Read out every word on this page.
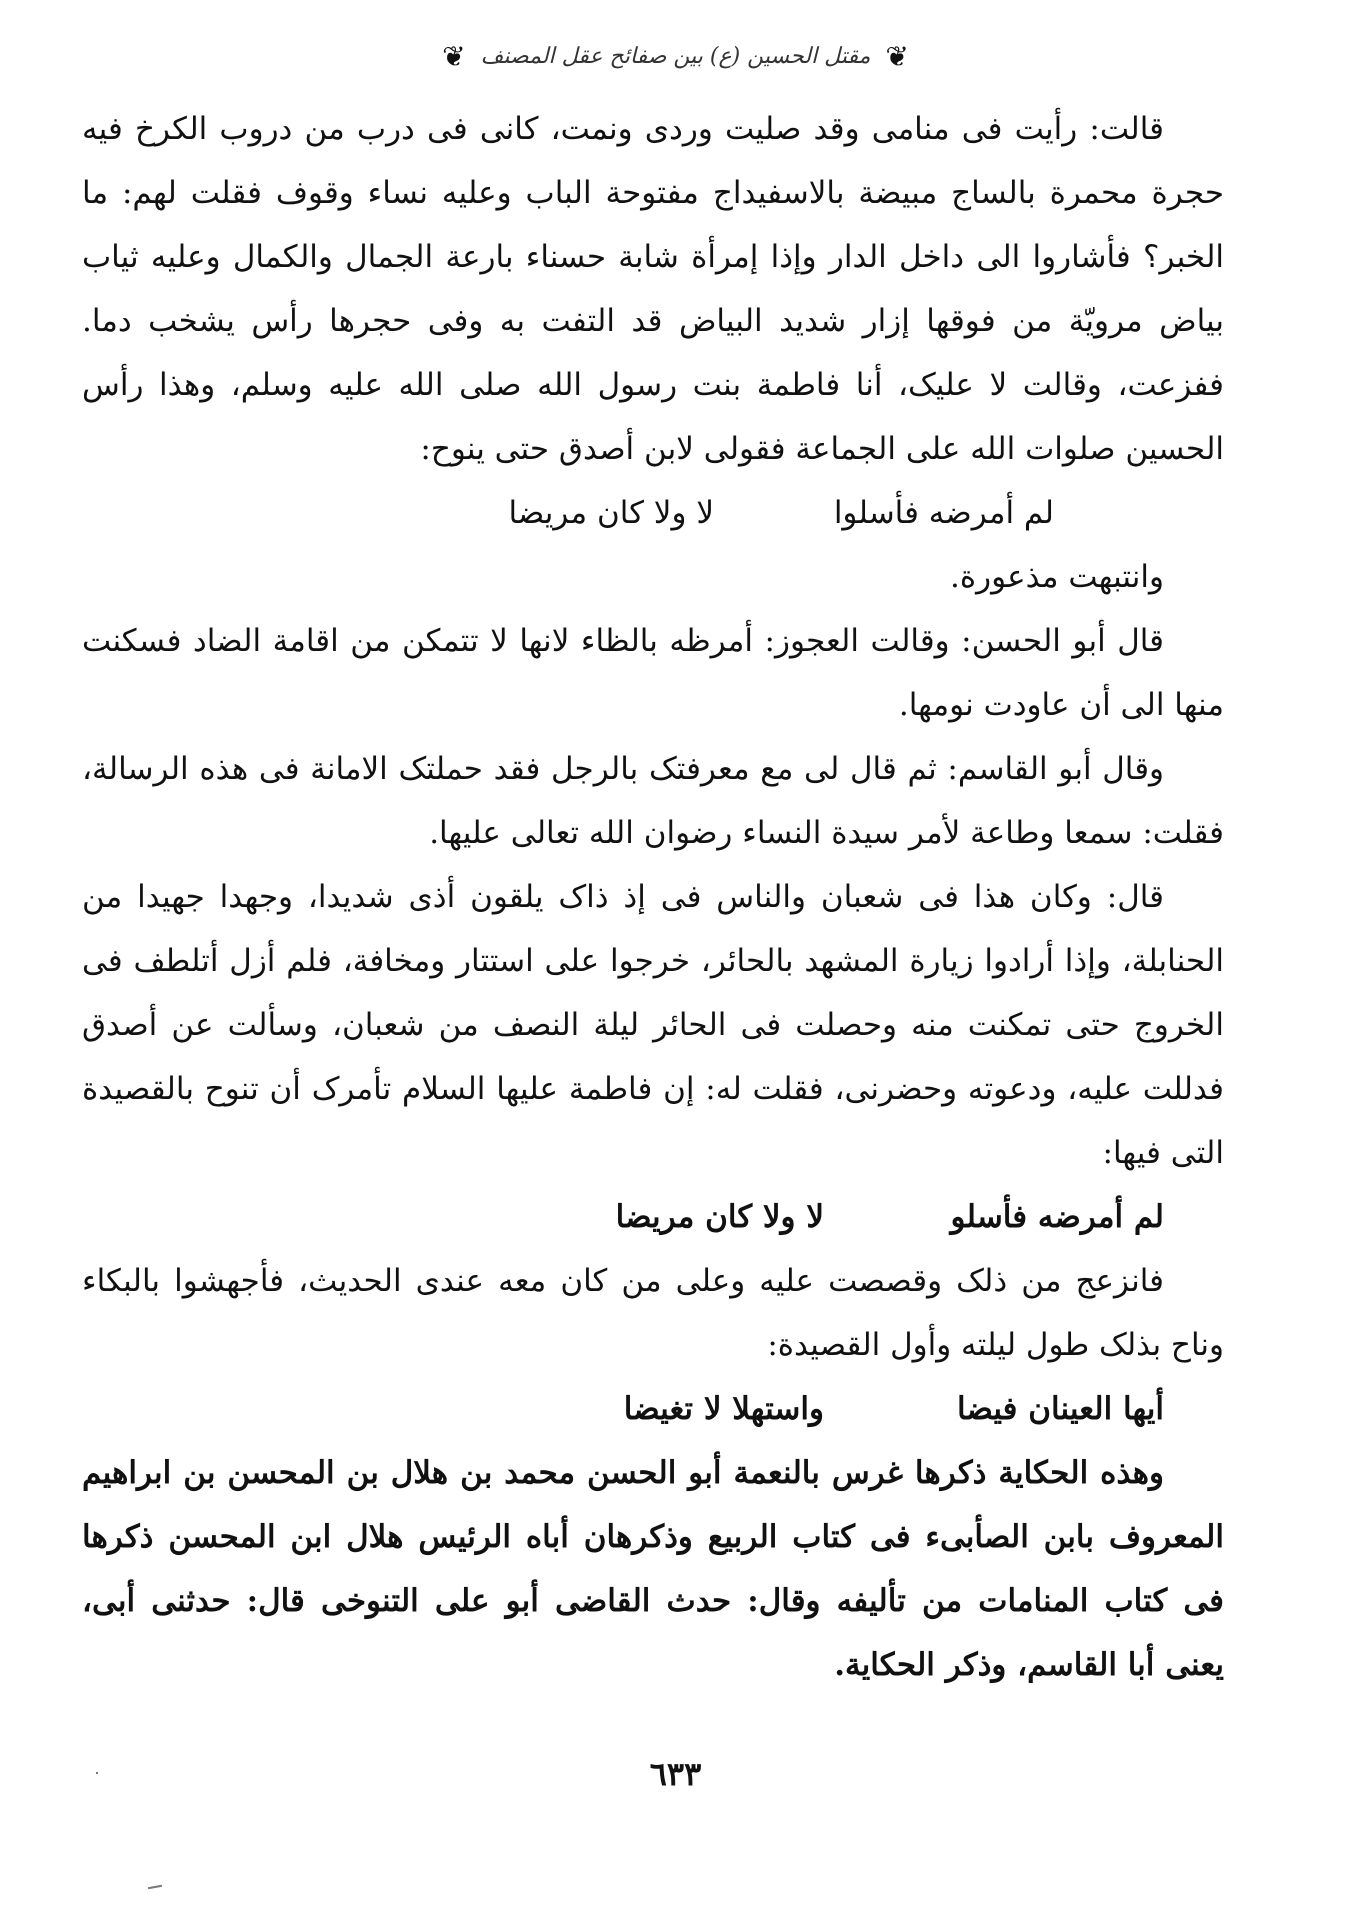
❦ مقتل الحسين (ع) بين صفائح عقل المصنف ❦

قالت: رأيت فى منامى وقد صليت وردى ونمت، كانى فى درب من دروب الكرخ فيه حجرة محمرة بالساج مبيضة بالاسفيداج مفتوحة الباب وعليه نساء وقوف فقلت لهم: ما الخبر؟ فأشاروا الى داخل الدار وإذا إمرأة شابة حسناء بارعة الجمال والكمال وعليه ثياب بياض مرويّة من فوقها إزار شديد البياض قد التفت به وفى حجرها رأس يشخب دما. ففزعت، وقالت لا عليک، أنا فاطمة بنت رسول الله صلى الله عليه وسلم، وهذا رأس الحسين صلوات الله على الجماعة فقولى لابن أصدق حتى ينوح:

لم أمرضه فأسلوا
لا ولا كان مريضا

وانتبهت مذعورة.

قال أبو الحسن: وقالت العجوز: أمرظه بالظاء لانها لا تتمكن من اقامة الضاد فسكنت منها الى أن عاودت نومها.

وقال أبو القاسم: ثم قال لى مع معرفتک بالرجل فقد حملتک الامانة فى هذه الرسالة، فقلت: سمعا وطاعة لأمر سيدة النساء رضوان الله تعالى عليها.

قال: وكان هذا فى شعبان والناس فى إذ ذاک يلقون أذى شديدا، وجهدا جهيدا من الحنابلة، وإذا أرادوا زيارة المشهد بالحائر، خرجوا على استتار ومخافة، فلم أزل أتلطف فى الخروج حتى تمكنت منه وحصلت فى الحائر ليلة النصف من شعبان، وسألت عن أصدق فدللت عليه، ودعوته وحضرنى، فقلت له: إن فاطمة عليها السلام تأمرک أن تنوح بالقصيدة التى فيها:

لم أمرضه فأسلو
لا ولا كان مريضا

فانزعج من ذلک وقصصت عليه وعلى من كان معه عندى الحديث، فأجهشوا بالبكاء وناح بذلک طول ليلته وأول القصيدة:

أيها العينان فيضا
واستهلا لا تغيضا

وهذه الحكاية ذكرها غرس بالنعمة أبو الحسن محمد بن هلال بن المحسن بن ابراهيم المعروف بابن الصأبىء فى كتاب الربيع وذكرهان أباه الرئيس هلال ابن المحسن ذكرها فى كتاب المنامات من تأليفه وقال: حدث القاضى أبو على التنوخى قال: حدثنى أبى، يعنى أبا القاسم، وذكر الحكاية.

٦٣٣
